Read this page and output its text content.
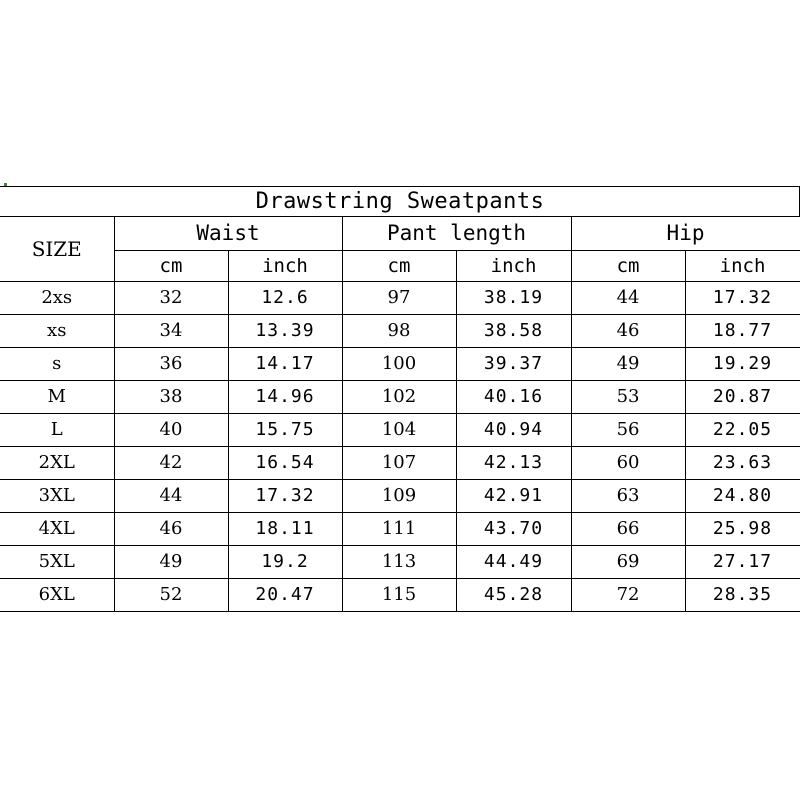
Drawstring Sweatpants
SIZE	Waist		Pant length		Hip	
	cm	inch	cm	inch	cm	inch
2xs	32	12.6	97	38.19	44	17.32
xs	34	13.39	98	38.58	46	18.77
s	36	14.17	100	39.37	49	19.29
M	38	14.96	102	40.16	53	20.87
L	40	15.75	104	40.94	56	22.05
2XL	42	16.54	107	42.13	60	23.63
3XL	44	17.32	109	42.91	63	24.80
4XL	46	18.11	111	43.70	66	25.98
5XL	49	19.2	113	44.49	69	27.17
6XL	52	20.47	115	45.28	72	28.35
